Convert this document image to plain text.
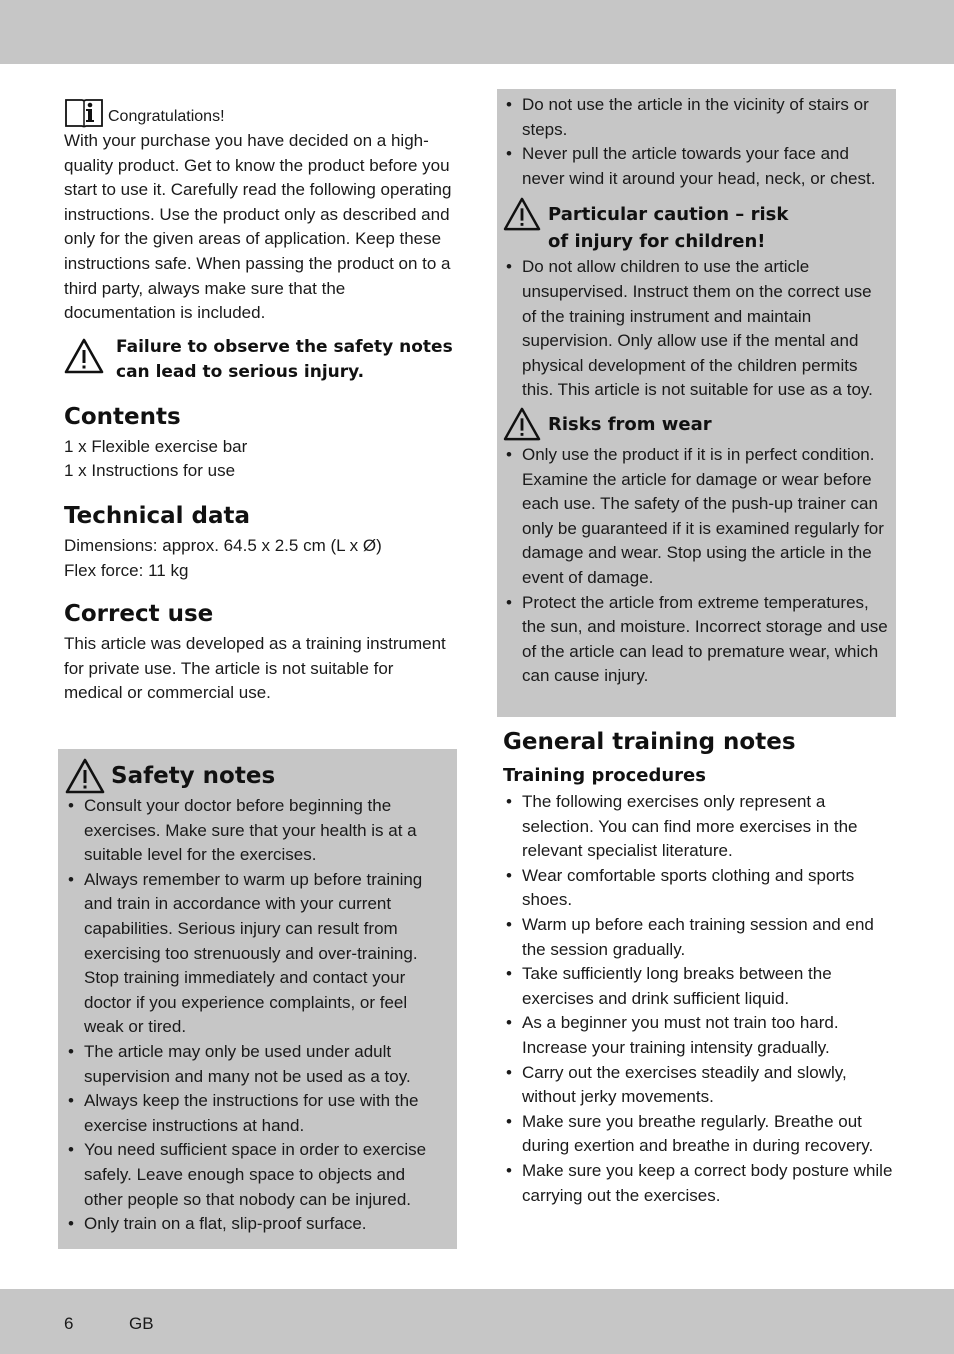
Congratulations!

With your purchase you have decided on a high-quality product. Get to know the product before you start to use it. Carefully read the following operating instructions. Use the product only as described and only for the given areas of application. Keep these instructions safe. When passing the product on to a third party, always make sure that the documentation is included.

Failure to observe the safety notes can lead to serious injury.

Contents
1 x Flexible exercise bar
1 x Instructions for use
Technical data

Dimensions: approx. 64.5 x 2.5 cm (L x Ø)

Flex force: 11 kg

Correct use

This article was developed as a training instrument for private use. The article is not suitable for medical or commercial use.

Safety notes
• Consult your doctor before beginning the exercises. Make sure that your health is at a suitable level for the exercises.
• Always remember to warm up before training and train in accordance with your current capabilities. Serious injury can result from exercising too strenuously and over-training. Stop training immediately and contact your doctor if you experience complaints, or feel weak or tired.
• The article may only be used under adult supervision and many not be used as a toy.
• Always keep the instructions for use with the exercise instructions at hand.
• You need sufficient space in order to exercise safely. Leave enough space to objects and other people so that nobody can be injured.
• Only train on a flat, slip-proof surface.
• Do not use the article in the vicinity of stairs or steps.
• Never pull the article towards your face and never wind it around your head, neck, or chest.

Particular caution – risk

of injury for children!

• Do not allow children to use the article unsupervised. Instruct them on the correct use of the training instrument and maintain supervision. Only allow use if the mental and physical development of the children permits this. This article is not suitable for use as a toy.

Risks from wear

• Only use the product if it is in perfect condition. Examine the article for damage or wear before each use. The safety of the push-up trainer can only be guaranteed if it is examined regularly for damage and wear. Stop using the article in the event of damage.
• Protect the article from extreme temperatures, the sun, and moisture. Incorrect storage and use of the article can lead to premature wear, which can cause injury.
General training notes
Training procedures
• The following exercises only represent a selection. You can find more exercises in the relevant specialist literature.
• Wear comfortable sports clothing and sports shoes.
• Warm up before each training session and end the session gradually.
• Take sufficiently long breaks between the exercises and drink sufficient liquid.
• As a beginner you must not train too hard. Increase your training intensity gradually.
• Carry out the exercises steadily and slowly, without jerky movements.
• Make sure you breathe regularly. Breathe out during exertion and breathe in during recovery.
• Make sure you keep a correct body posture while carrying out the exercises.
6	GB
